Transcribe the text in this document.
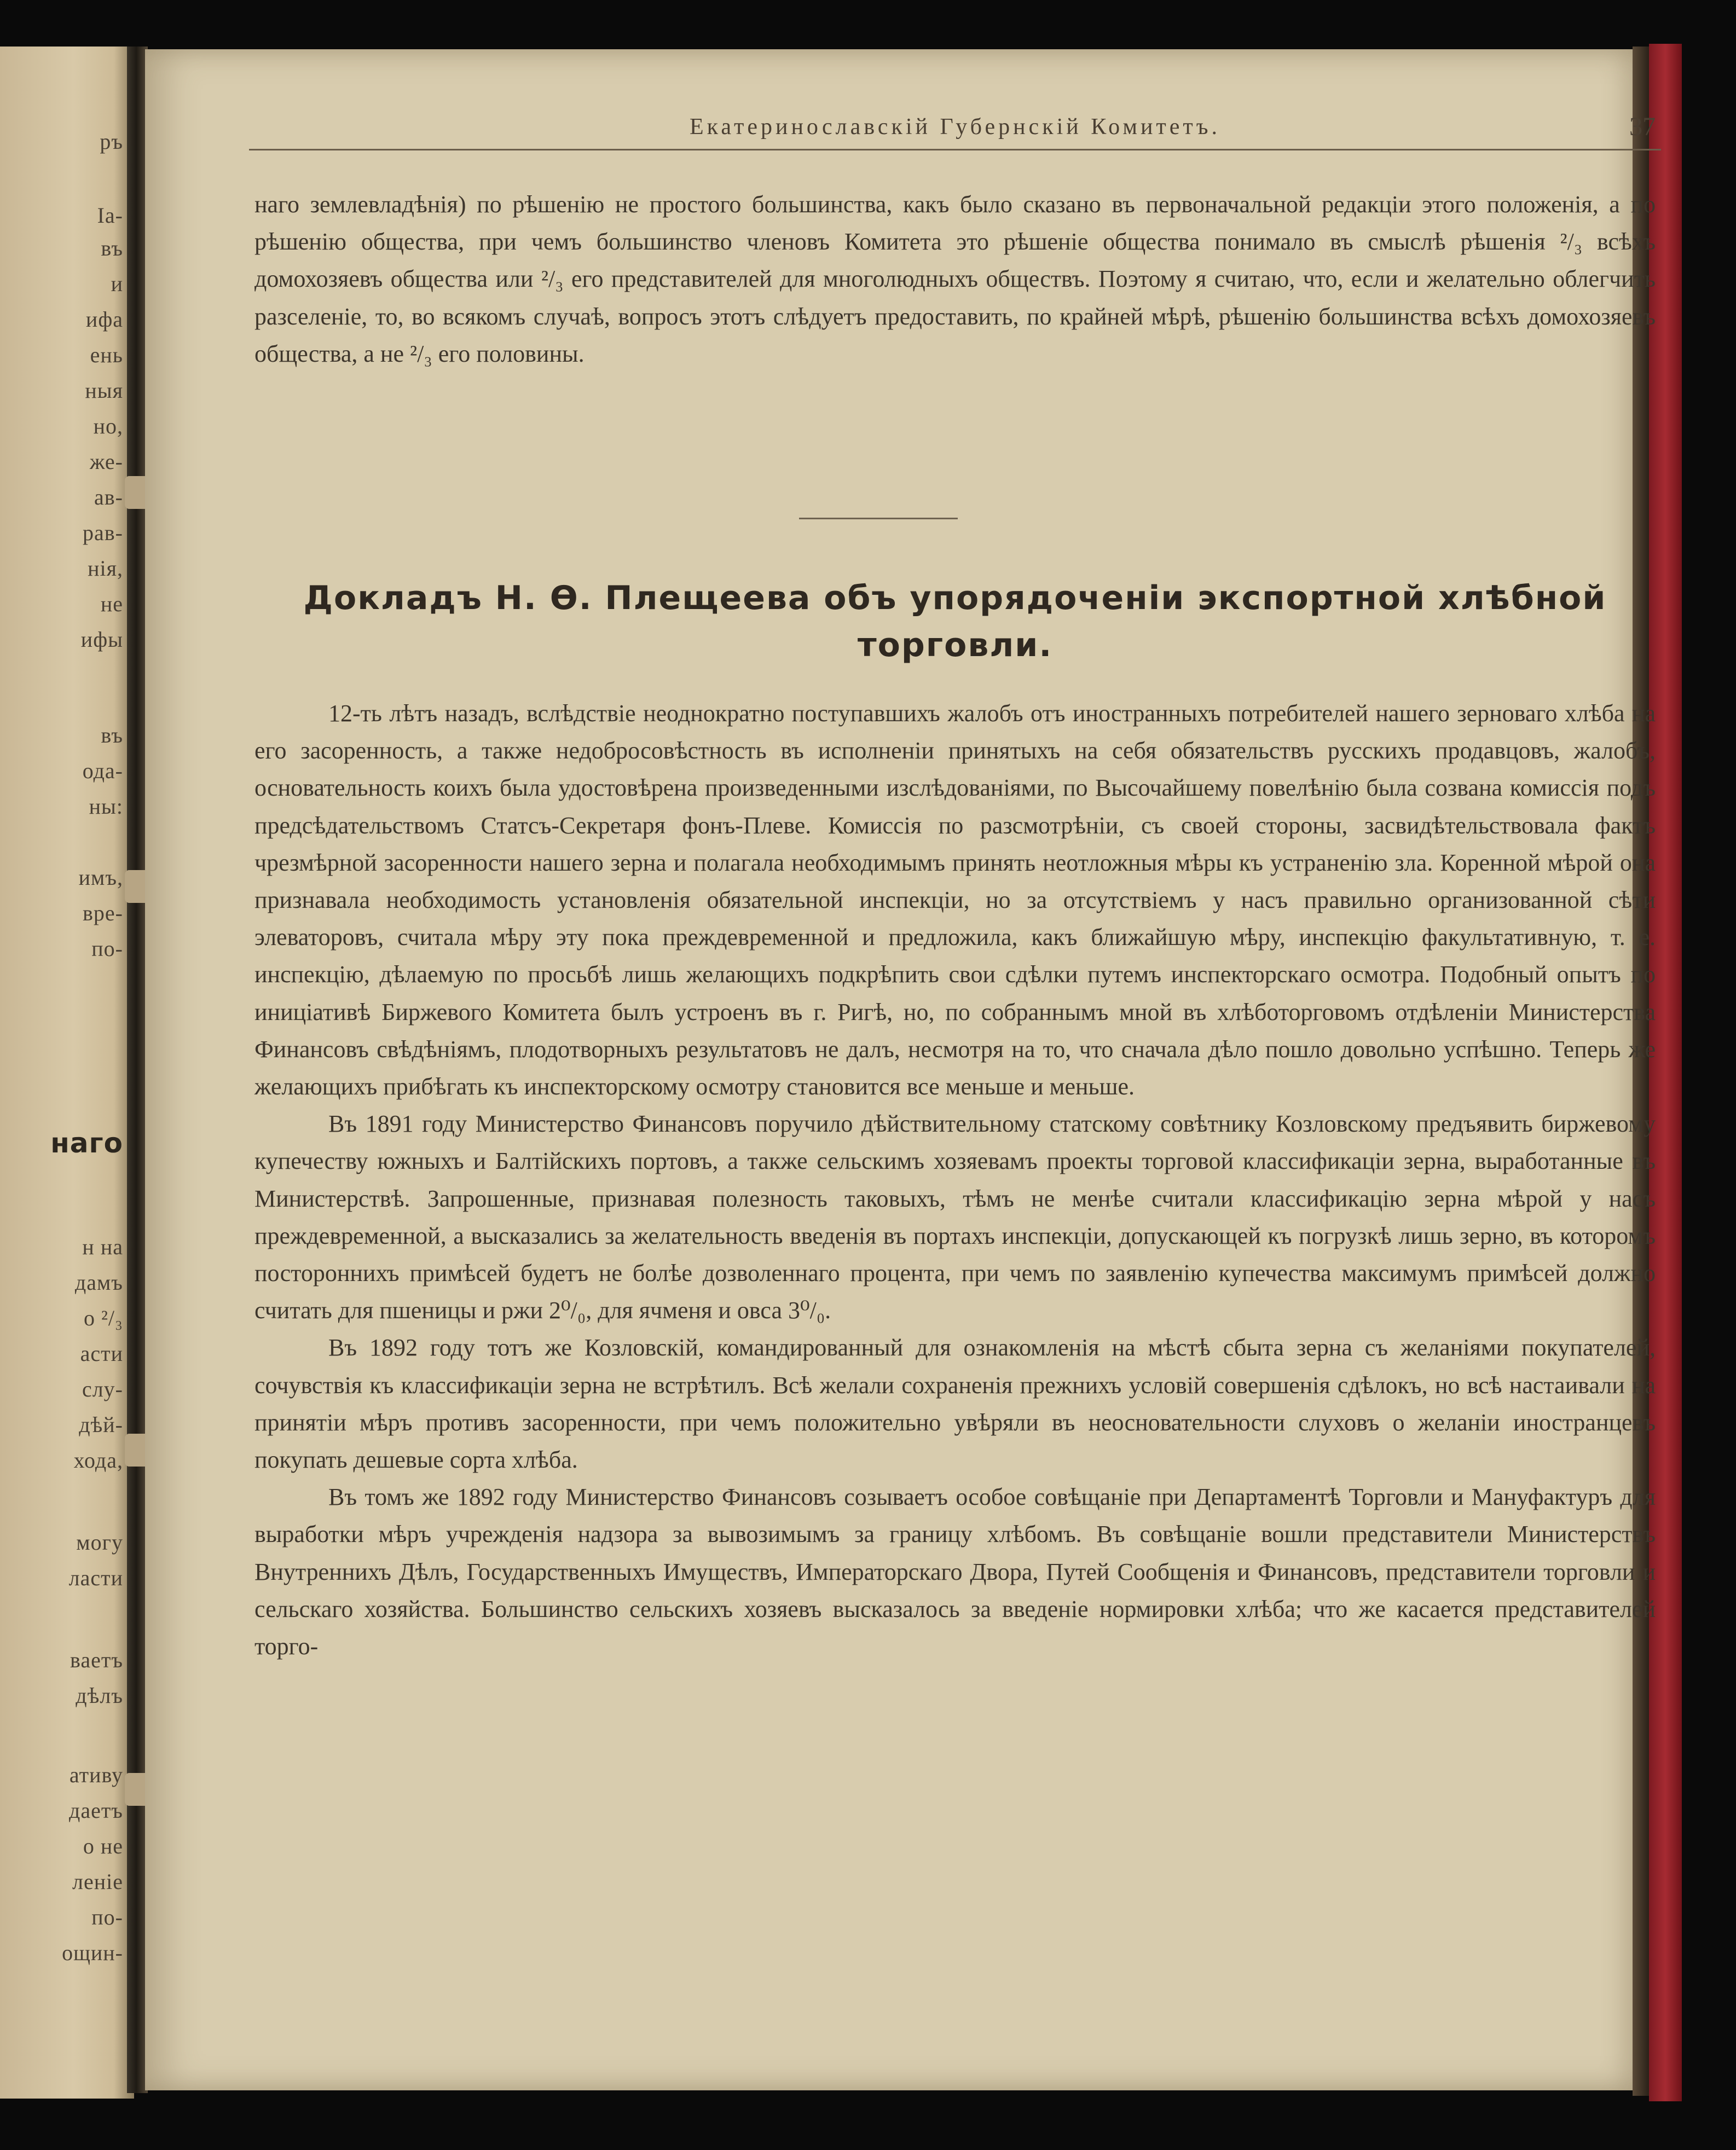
ръ
Iа-
въ
и
ифа
ень
ныя
но,
же-
ав-
рав-
нiя,
не
ифы
въ
ода-
ны:
имъ,
вре-
по-
наго
н на
дамъ
о ²/₃
асти
слу-
дѣй-
хода,
могу
ласти
ваетъ
дѣлъ
ативу
даетъ
о не
леніе
по-
ощин-
Екатеринославскій Губернскій Комитетъ.	37

наго землевладѣнія) по рѣшенію не простого большинства, какъ было сказано въ первоначальной редакціи этого положенія, а по рѣшенію общества, при чемъ большинство членовъ Комитета это рѣшеніе общества понимало въ смыслѣ рѣшенія ²/₃ всѣхъ домохозяевъ общества или ²/₃ его представителей для многолюдныхъ обществъ. Поэтому я считаю, что, если и желательно облегчить разселеніе, то, во всякомъ случаѣ, вопросъ этотъ слѣдуетъ предоставить, по крайней мѣрѣ, рѣшенію большинства всѣхъ домохозяевъ общества, а не ²/₃ его половины.

Докладъ Н. Ѳ. Плещеева объ упорядоченіи экспортной хлѣбной торговли.

12-ть лѣтъ назадъ, вслѣдствіе неоднократно поступавшихъ жалобъ отъ иностранныхъ потребителей нашего зерноваго хлѣба на его засоренность, а также недобросовѣстность въ исполненіи принятыхъ на себя обязательствъ русскихъ продавцовъ, жалобъ, основательность коихъ была удостовѣрена произведенными изслѣдованіями, по Высочайшему повелѣнію была созвана комиссія подъ предсѣдательствомъ Статсъ-Секретаря фонъ-Плеве. Комиссія по разсмотрѣніи, съ своей стороны, засвидѣтельствовала фактъ чрезмѣрной засоренности нашего зерна и полагала необходимымъ принять неотложныя мѣры къ устраненію зла. Коренной мѣрой она признавала необходимость установленія обязательной инспекціи, но за отсутствіемъ у насъ правильно организованной сѣти элеваторовъ, считала мѣру эту пока преждевременной и предложила, какъ ближайшую мѣру, инспекцію факультативную, т. е. инспекцію, дѣлаемую по просьбѣ лишь желающихъ подкрѣпить свои сдѣлки путемъ инспекторскаго осмотра. Подобный опытъ по иниціативѣ Биржевого Комитета былъ устроенъ въ г. Ригѣ, но, по собраннымъ мной въ хлѣботорговомъ отдѣленіи Министерства Финансовъ свѣдѣніямъ, плодотворныхъ результатовъ не далъ, несмотря на то, что сначала дѣло пошло довольно успѣшно. Теперь же желающихъ прибѣгать къ инспекторскому осмотру становится все меньше и меньше.

Въ 1891 году Министерство Финансовъ поручило дѣйствительному статскому совѣтнику Козловскому предъявить биржевому купечеству южныхъ и Балтійскихъ портовъ, а также сельскимъ хозяевамъ проекты торговой классификаціи зерна, выработанные въ Министерствѣ. Запрошенные, признавая полезность таковыхъ, тѣмъ не менѣе считали классификацію зерна мѣрой у насъ преждевременной, а высказались за желательность введенія въ портахъ инспекціи, допускающей къ погрузкѣ лишь зерно, въ которомъ постороннихъ примѣсей будетъ не болѣе дозволеннаго процента, при чемъ по заявленію купечества максимумъ примѣсей должно считать для пшеницы и ржи 2⁰/₀, для ячменя и овса 3⁰/₀.

Въ 1892 году тотъ же Козловскій, командированный для ознакомленія на мѣстѣ сбыта зерна съ желаніями покупателей, сочувствія къ классификаціи зерна не встрѣтилъ. Всѣ желали сохраненія прежнихъ условій совершенія сдѣлокъ, но всѣ настаивали на принятіи мѣръ противъ засоренности, при чемъ положительно увѣряли въ неосновательности слуховъ о желаніи иностранцевъ покупать дешевые сорта хлѣба.

Въ томъ же 1892 году Министерство Финансовъ созываетъ особое совѣщаніе при Департаментѣ Торговли и Мануфактуръ для выработки мѣръ учрежденія надзора за вывозимымъ за границу хлѣбомъ. Въ совѣщаніе вошли представители Министерствъ Внутреннихъ Дѣлъ, Государственныхъ Имуществъ, Императорскаго Двора, Путей Сообщенія и Финансовъ, представители торговли и сельскаго хозяйства. Большинство сельскихъ хозяевъ высказалось за введеніе нормировки хлѣба; что же касается представителей торго-
